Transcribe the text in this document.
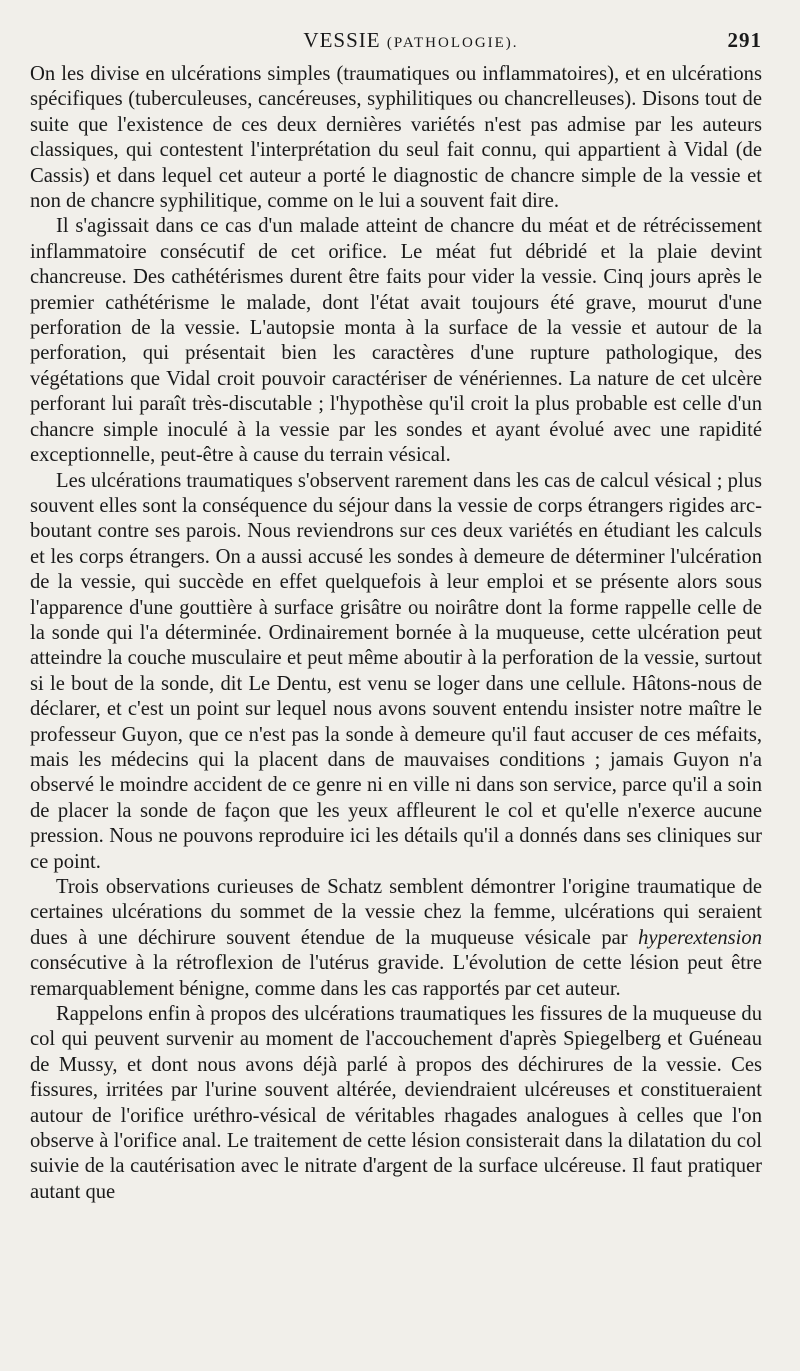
VESSIE (PATHOLOGIE).	291

On les divise en ulcérations simples (traumatiques ou inflammatoires), et en ulcérations spécifiques (tuberculeuses, cancéreuses, syphilitiques ou chancrelleuses). Disons tout de suite que l'existence de ces deux dernières variétés n'est pas admise par les auteurs classiques, qui contestent l'interprétation du seul fait connu, qui appartient à Vidal (de Cassis) et dans lequel cet auteur a porté le diagnostic de chancre simple de la vessie et non de chancre syphilitique, comme on le lui a souvent fait dire.

Il s'agissait dans ce cas d'un malade atteint de chancre du méat et de rétrécissement inflammatoire consécutif de cet orifice. Le méat fut débridé et la plaie devint chancreuse. Des cathétérismes durent être faits pour vider la vessie. Cinq jours après le premier cathétérisme le malade, dont l'état avait toujours été grave, mourut d'une perforation de la vessie. L'autopsie monta à la surface de la vessie et autour de la perforation, qui présentait bien les caractères d'une rupture pathologique, des végétations que Vidal croit pouvoir caractériser de vénériennes. La nature de cet ulcère perforant lui paraît très-discutable ; l'hypothèse qu'il croit la plus probable est celle d'un chancre simple inoculé à la vessie par les sondes et ayant évolué avec une rapidité exceptionnelle, peut-être à cause du terrain vésical.

Les ulcérations traumatiques s'observent rarement dans les cas de calcul vésical ; plus souvent elles sont la conséquence du séjour dans la vessie de corps étrangers rigides arc-boutant contre ses parois. Nous reviendrons sur ces deux variétés en étudiant les calculs et les corps étrangers. On a aussi accusé les sondes à demeure de déterminer l'ulcération de la vessie, qui succède en effet quelquefois à leur emploi et se présente alors sous l'apparence d'une gouttière à surface grisâtre ou noirâtre dont la forme rappelle celle de la sonde qui l'a déterminée. Ordinairement bornée à la muqueuse, cette ulcération peut atteindre la couche musculaire et peut même aboutir à la perforation de la vessie, surtout si le bout de la sonde, dit Le Dentu, est venu se loger dans une cellule. Hâtons-nous de déclarer, et c'est un point sur lequel nous avons souvent entendu insister notre maître le professeur Guyon, que ce n'est pas la sonde à demeure qu'il faut accuser de ces méfaits, mais les médecins qui la placent dans de mauvaises conditions ; jamais Guyon n'a observé le moindre accident de ce genre ni en ville ni dans son service, parce qu'il a soin de placer la sonde de façon que les yeux affleurent le col et qu'elle n'exerce aucune pression. Nous ne pouvons reproduire ici les détails qu'il a donnés dans ses cliniques sur ce point.

Trois observations curieuses de Schatz semblent démontrer l'origine traumatique de certaines ulcérations du sommet de la vessie chez la femme, ulcérations qui seraient dues à une déchirure souvent étendue de la muqueuse vésicale par hyperextension consécutive à la rétroflexion de l'utérus gravide. L'évolution de cette lésion peut être remarquablement bénigne, comme dans les cas rapportés par cet auteur.

Rappelons enfin à propos des ulcérations traumatiques les fissures de la muqueuse du col qui peuvent survenir au moment de l'accouchement d'après Spiegelberg et Guéneau de Mussy, et dont nous avons déjà parlé à propos des déchirures de la vessie. Ces fissures, irritées par l'urine souvent altérée, deviendraient ulcéreuses et constitueraient autour de l'orifice uréthro-vésical de véritables rhagades analogues à celles que l'on observe à l'orifice anal. Le traitement de cette lésion consisterait dans la dilatation du col suivie de la cautérisation avec le nitrate d'argent de la surface ulcéreuse. Il faut pratiquer autant que
